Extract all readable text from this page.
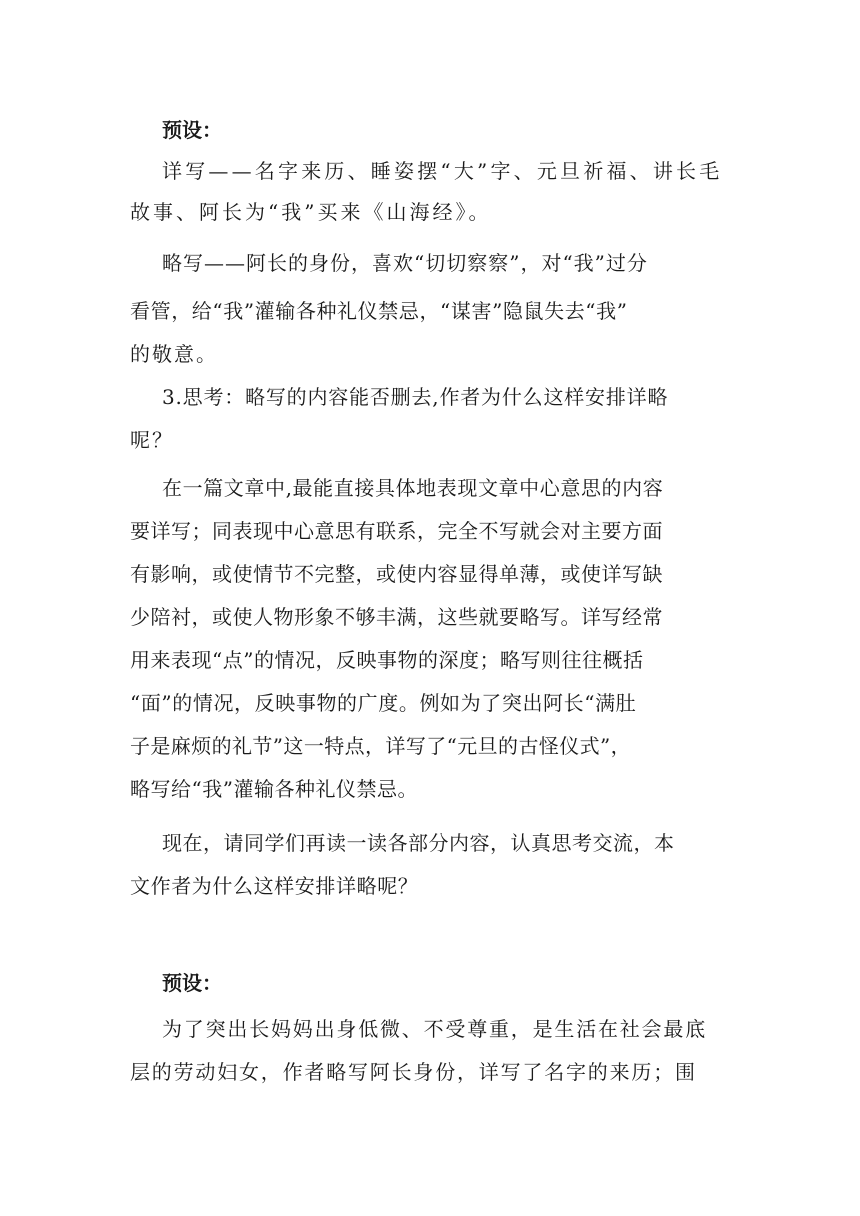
预设：
详写——名字来历、睡姿摆“大”字、元旦祈福、讲长毛
故事、阿长为“我”买来《山海经》。
略写——阿长的身份，喜欢“切切察察”，对“我”过分
看管，给“我”灌输各种礼仪禁忌，“谋害”隐鼠失去“我”
的敬意。
3.思考：略写的内容能否删去,作者为什么这样安排详略
呢？
在一篇文章中,最能直接具体地表现文章中心意思的内容
要详写；同表现中心意思有联系，完全不写就会对主要方面
有影响，或使情节不完整，或使内容显得单薄，或使详写缺
少陪衬，或使人物形象不够丰满，这些就要略写。详写经常
用来表现“点”的情况，反映事物的深度；略写则往往概括
“面”的情况，反映事物的广度。例如为了突出阿长“满肚
子是麻烦的礼节”这一特点，详写了“元旦的古怪仪式”，
略写给“我”灌输各种礼仪禁忌。
现在，请同学们再读一读各部分内容，认真思考交流，本
文作者为什么这样安排详略呢？
预设：
为了突出长妈妈出身低微、不受尊重，是生活在社会最底
层的劳动妇女，作者略写阿长身份，详写了名字的来历；围
